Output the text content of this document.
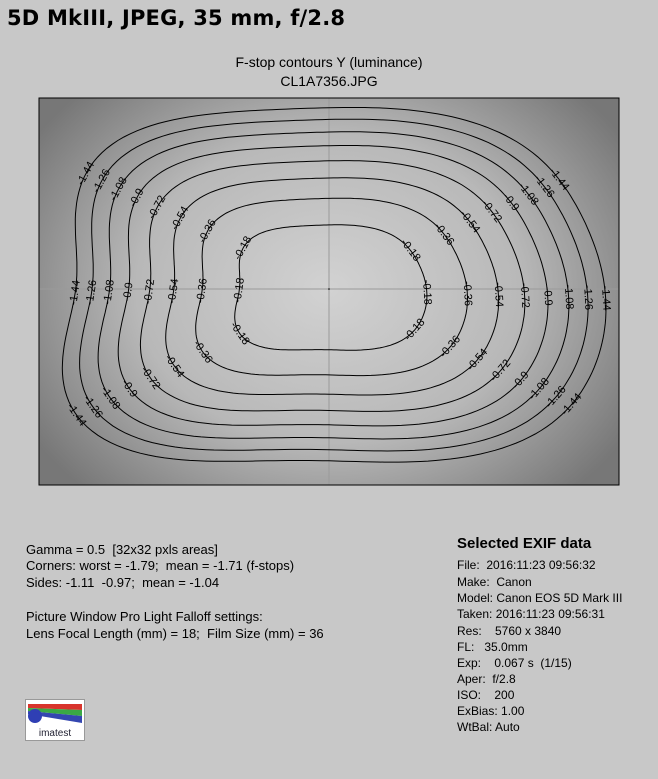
5D MkIII, JPEG, 35 mm, f/2.8
F-stop contours Y (luminance)
CL1A7356.JPG
-1.44
-1.44
-1.44
-1.44
-1.44
-1.44	-1.26
-1.26
-1.26
-1.26
-1.26
-1.26	-1.08
-1.08
-1.08
-1.08
-1.08
-1.08	-0.9
-0.9
-0.9
-0.9
-0.9
-0.9
-0.72
-0.72
-0.72
-0.72
-0.72
-0.72
-0.54
-0.54
-0.54
-0.54
-0.54
-0.54
-0.36
-0.36
-0.36
-0.36
-0.36
-0.36
-0.18
-0.18
-0.18
-0.18
-0.18
-0.18
Gamma = 0.5  [32x32 pxls areas]
Corners: worst = -1.79;  mean = -1.71 (f-stops)
Sides: -1.11  -0.97;  mean = -1.04
Picture Window Pro Light Falloff settings:
Lens Focal Length (mm) = 18;  Film Size (mm) = 36
Selected EXIF data
File:  2016:11:23 09:56:32
Make:  Canon
Model: Canon EOS 5D Mark III
Taken: 2016:11:23 09:56:31
Res:    5760 x 3840
FL:   35.0mm
Exp:    0.067 s  (1/15)
Aper:  f/2.8
ISO:    200
ExBias: 1.00
WtBal: Auto
imatest
